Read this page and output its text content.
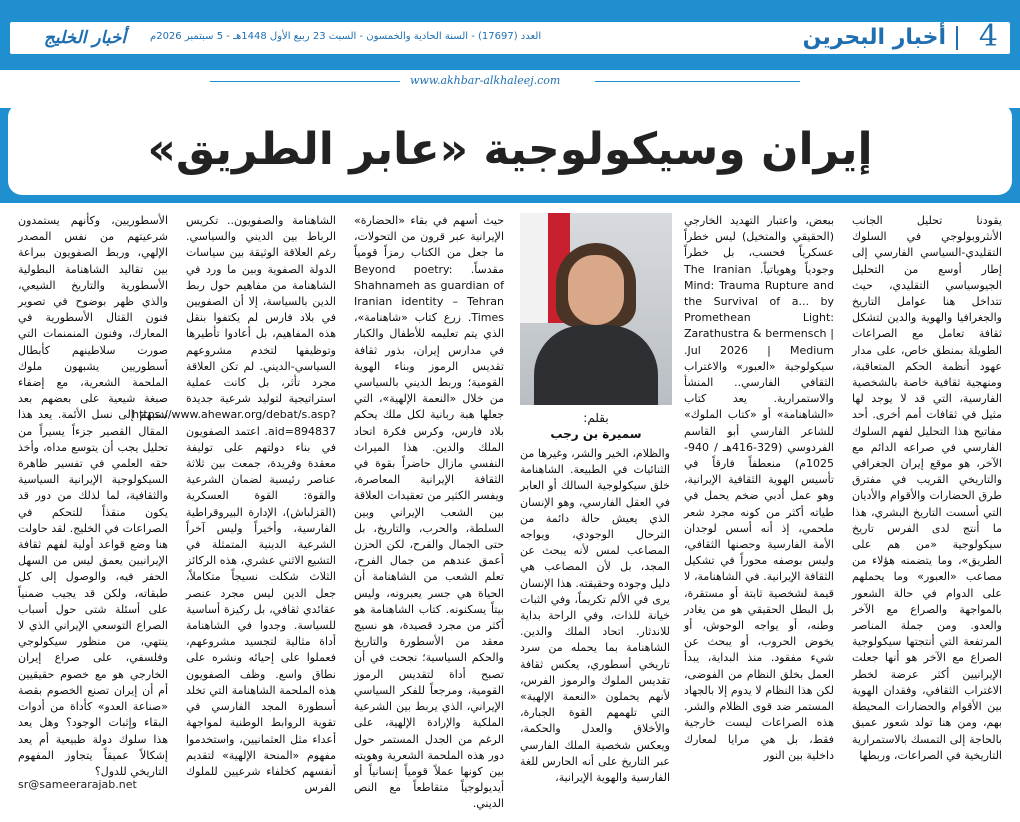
4
أخبار البحرين
العدد (17697) - السنة الحادية والخمسون - السبت 23 ربيع الأول 1448هـ - 5 سبتمبر 2026م
أخبار الخليج
www.akhbar-alkhaleej.com
إيران وسيكولوجية «عابر الطريق»

يقودنا تحليل الجانب الأنثروبولوجي في السلوك التقليدي-السياسي الفارسي إلى إطار أوسع من التحليل الجيوسياسي التقليدي، حيث تتداخل هنا عوامل التاريخ والجغرافيا والهوية والدين لتشكل ثقافة تعامل مع الصراعات الطويلة بمنطق خاص، على مدار عهود أنظمة الحكم المتعاقبة، ومنهجية ثقافية خاصة بالشخصية الفارسية، التي قد لا يوجد لها مثيل في ثقافات أمم أخرى. أحد مفاتيح هذا التحليل لفهم السلوك الفارسي في صراعه الدائم مع الآخر، هو موقع إيران الجغرافي والتاريخي القريب في مفترق طرق الحضارات والأقوام والأديان التي أسست التاريخ البشري، هذا ما أنتج لدى الفرس تاريخ سيكولوجية «من هم على الطريق»، وما يتضمنه هؤلاء من مصاعب «العبور» وما يحملهم على الدوام في حالة الشعور بالمواجهة والصراع مع الآخر والعدو. ومن جملة المناصر المرتفعة التي أنتجتها سيكولوجية الصراع مع الآخر هو أنها جعلت الإيرانيين أكثر عرضة لخطر الاغتراب الثقافي، وفقدان الهوية بين الأقوام والحضارات المحيطة بهم، ومن هنا تولد شعور عميق بالحاجة إلى التمسك بالاستمرارية التاريخية في الصراعات، وربطها

ببعض، واعتبار التهديد الخارجي (الحقيقي والمتخيل) ليس خطراً عسكرياً فحسب، بل خطراً وجودياً وهوياتياً. The Iranian Mind: Trauma Rupture and the Survival of a... by Promethean Light: Zarathustra & bermensch | Jul 2026 | Medium. سيكولوجية «العبور» والاغتراب الثقافي الفارسي.. المنشأ والاستمرارية. يعد كتاب «الشاهنامة» أو «كتاب الملوك» للشاعر الفارسي أبو القاسم الفردوسي (329-416هـ / 940-1025م) منعطفاً فارقاً في تأسيس الهوية الثقافية الإيرانية، وهو عمل أدبي ضخم يحمل في طياته أكثر من كونه مجرد شعر ملحمي، إذ أنه أسس لوجدان الأمة الفارسية وحصنها الثقافي، وليس بوصفه محوراً في تشكيل الثقافة الإيرانية. في الشاهنامة، لا قيمة لشخصية ثابتة أو مستقرة، بل البطل الحقيقي هو من يغادر وطنه، أو يواجه الوحوش، أو يخوض الحروب، أو يبحث عن شيء مفقود. منذ البداية، يبدأ العمل بخلق النظام من الفوضى، لكن هذا النظام لا يدوم إلا بالجهاد المستمر ضد قوى الظلام والشر. هذه الصراعات ليست خارجية فقط، بل هي مرايا لمعارك داخلية بين النور

بقلم:
سميرة بن رجب

والظلام، الخير والشر، وغيرها من الثنائيات في الطبيعة. الشاهنامة خلق سيكولوجية السالك أو العابر في العقل الفارسي، وهو الإنسان الذي يعيش حالة دائمة من الترحال الوجودي، ويواجه المصاعب لمس لأنه يبحث عن المجد، بل لأن المصاعب هي دليل وجوده وحقيقته. هذا الإنسان يرى في الألم تكريماً، وفي الثبات خيانة للذات، وفي الراحة بداية للاندثار. اتحاد الملك والدين. الشاهنامة بما يحمله من سرد تاريخي أسطوري، يعكس ثقافة تقديس الملوك والرموز الفرس، لأنهم يحملون «النعمة الإلهية» التي تلهمهم القوة الجبارة، والأخلاق والعدل والحكمة، ويعكس شخصية الملك الفارسي عبر التاريخ على أنه الحارس للغة الفارسية والهوية الإيرانية،

حيث أسهم في بقاء «الحضارة» الإيرانية عبر قرون من التحولات، ما جعل من الكتاب رمزاً قومياً مقدساً. Beyond poetry: Shahnameh as guardian of Iranian identity – Tehran Times. زرع كتاب «شاهنامة»، الذي يتم تعليمه للأطفال والكبار في مدارس إيران، بذور ثقافة تقديس الرموز وبناء الهوية القومية؛ وربط الديني بالسياسي من خلال «النعمة الإلهية»، التي جعلها هبة ربانية لكل ملك يحكم بلاد فارس، وكرس فكرة اتحاد الملك والدين. هذا الميراث النفسي مازال حاضراً بقوة في الثقافة الإيرانية المعاصرة، ويفسر الكثير من تعقيدات العلاقة بين الشعب الإيراني وبين السلطة، والحرب، والتاريخ، بل حتى الجمال والفرح، لكن الحزن أعمق عندهم من جمال الفرح، تعلم الشعب من الشاهنامة أن الحياة هي جسر يعبرونه، وليس بيتاً يسكنونه. كتاب الشاهنامة هو أكثر من مجرد قصيدة، هو نسيج معقد من الأسطورة والتاريخ والحكم السياسية؛ نجحت في أن تصبح أداة لتقديس الرموز القومية، ومرجعاً للفكر السياسي الإيراني، الذي يربط بين الشرعية الملكية والإرادة الإلهية، على الرغم من الجدل المستمر حول دور هذه الملحمة الشعرية وهويته بين كونها عملاً قومياً إنسانياً أو أيديولوجياً متقاطعاً مع النص الديني.

الشاهنامة والصفويون.. تكريس الرباط بين الديني والسياسي. رغم العلاقة الوثيقة بين سياسات الدولة الصفوية وبين ما ورد في الشاهنامة من مفاهيم حول ربط الدين بالسياسة، إلا أن الصفويين في بلاد فارس لم يكتفوا بنقل هذه المفاهيم، بل أعادوا تأطيرها وتوظيفها لتخدم مشروعهم السياسي-الديني. لم تكن العلاقة مجرد تأثر، بل كانت عملية استراتيجية لتوليد شرعية جديدة https://www.ahewar.org/debat/s.asp?aid=894837. اعتمد الصفويون في بناء دولتهم على توليفة معقدة وفريدة، جمعت بين ثلاثة عناصر رئيسية لضمان الشرعية والقوة: القوة العسكرية (القزلباش)، الإدارة البيروقراطية الفارسية، وأخيراً وليس آخراً الشرعية الدينية المتمثلة في التشيع الاثني عشري، هذه الركائز الثلاث شكلت نسيجاً متكاملاً، جعل الدين ليس مجرد عنصر عقائدي ثقافي، بل ركيزة أساسية للسياسة. وجدوا في الشاهنامة أداة مثالية لتجسيد مشروعهم، فعملوا على إحيائه ونشره على نطاق واسع. وظف الصفويون هذه الملحمة الشاهنامة التي تخلد أسطورة المجد الفارسي في تقوية الروابط الوطنية لمواجهة أعداء مثل العثمانيين، واستخدموا مفهوم «المنحة الإلهية» لتقديم أنفسهم كخلفاء شرعيين للملوك الفرس

الأسطوريين، وكأنهم يستمدون شرعيتهم من نفس المصدر الإلهي، وربط الصفويون ببراعة بين تقاليد الشاهنامة البطولية الأسطورية والتاريخ الشيعي، والذي ظهر بوضوح في تصوير فنون القتال الأسطورية في المعارك، وفنون المنمنمات التي صورت سلاطينهم كأبطال أسطوريين يشبهون ملوك الملحمة الشعرية، مع إضفاء صبغة شيعية على بعضهم بعد نسبهم إلى نسل الأئمة. يعد هذا المقال القصير جزءاً يسيراً من تحليل يجب أن يتوسع مداه، وأخذ حقه العلمي في تفسير ظاهرة السيكولوجية الإيرانية السياسية والثقافية، لما لذلك من دور قد يكون منقذاً للتحكم في الصراعات في الخليج. لقد حاولت هنا وضع قواعد أولية لفهم ثقافة الإيرانيين يعمق ليس من السهل الحفر فيه، والوصول إلى كل طبقاته، ولكن قد يجيب ضمنياً على أسئلة شتى حول أسباب الصراع التوسعي الإيراني الذي لا ينتهي، من منظور سيكولوجي وفلسفي، على صراع إيران الخارجي هو مع خصوم حقيقيين أم أن إيران تصنع الخصوم بقصة «صناعة العدو» كأداة من أدوات البقاء وإثبات الوجود؟ وهل يعد هذا سلوك دولة طبيعية أم يعد إشكالاً عميقاً يتجاوز المفهوم التاريخي للدول؟

sr@sameerarajab.net
